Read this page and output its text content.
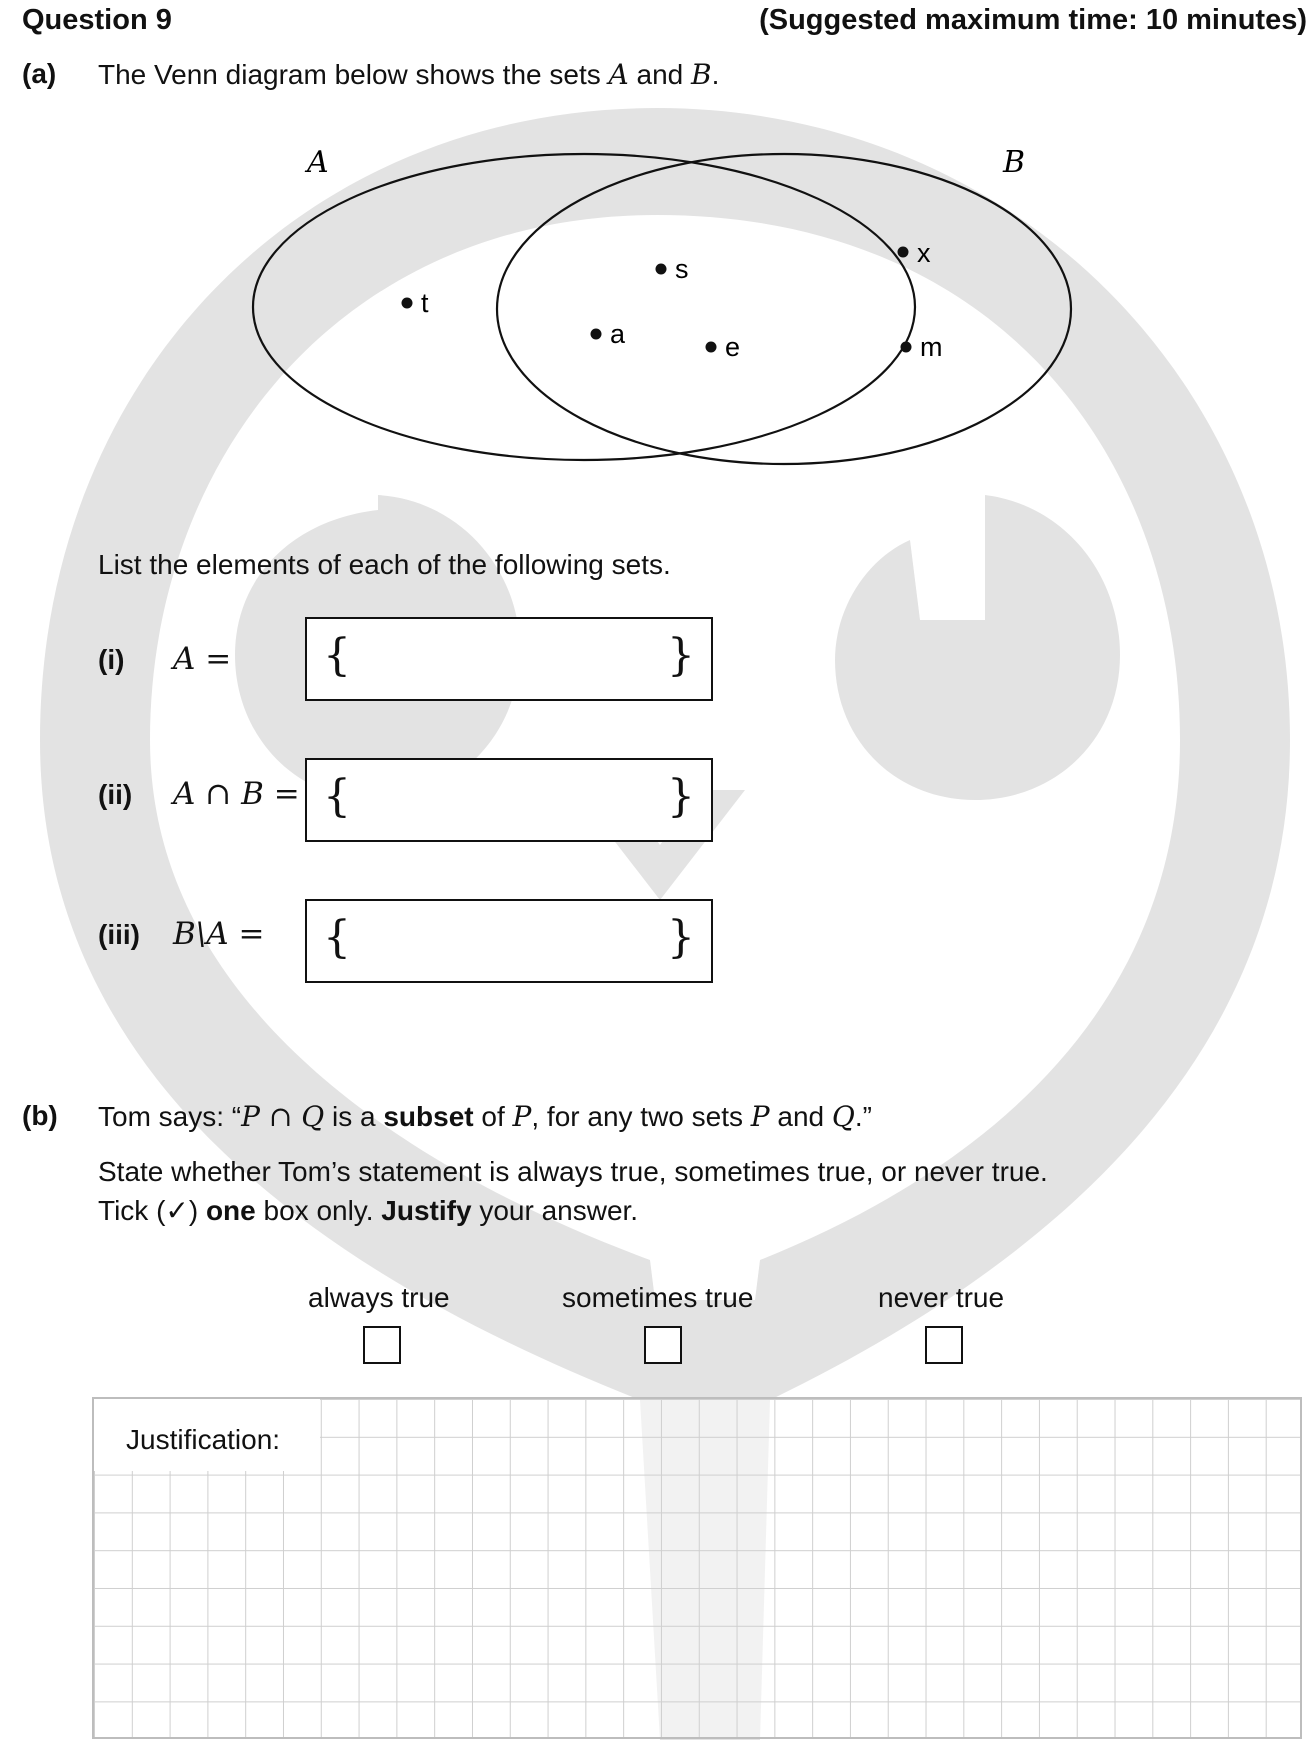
Question 9	(Suggested maximum time: 10 minutes)
(a) The Venn diagram below shows the sets A and B.
A	B
t
s
a	e
x
m
List the elements of each of the following sets.
(i) A = {	}
(ii) A ∩ B = {	}
(iii) B\A = {	}
(b) Tom says: “P ∩ Q is a subset of P, for any two sets P and Q.”
State whether Tom’s statement is always true, sometimes true, or never true.
Tick (✓) one box only. Justify your answer.
always true	sometimes true	never true
Justification:
